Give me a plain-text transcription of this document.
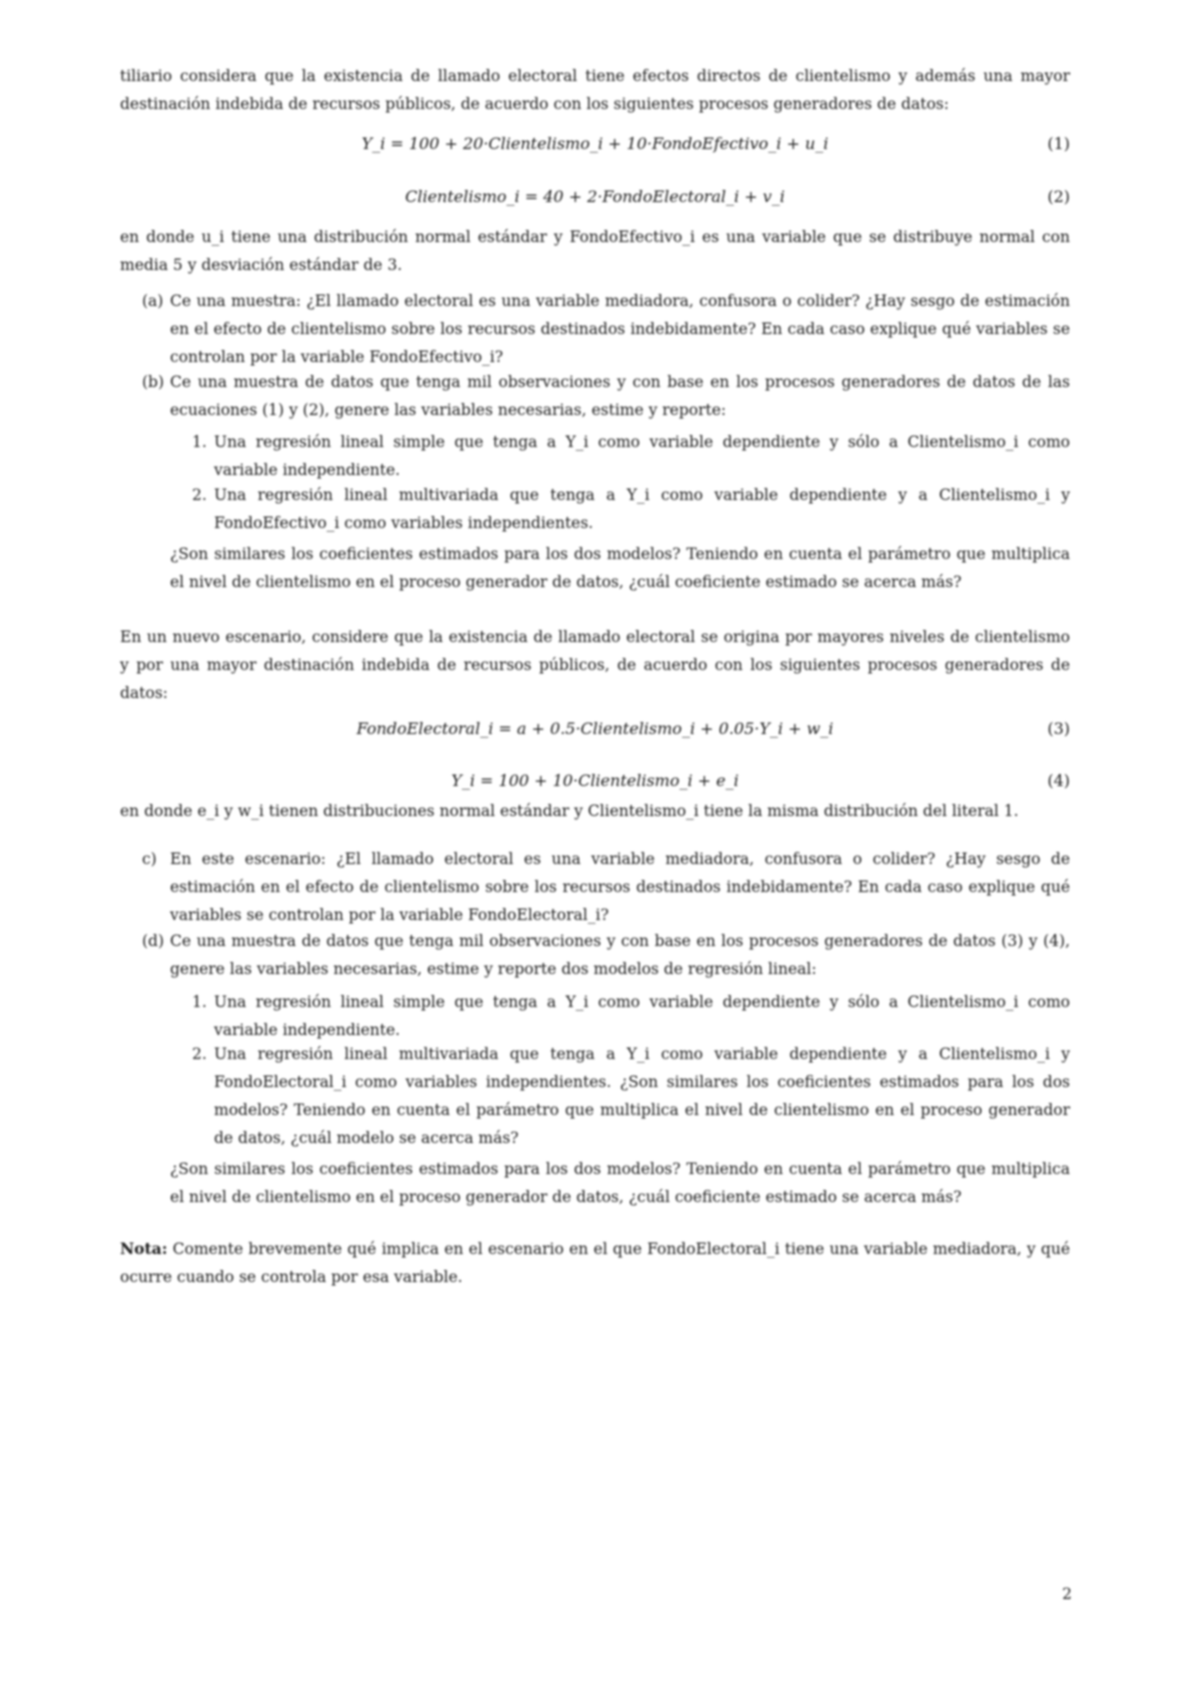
tiliario considera que la existencia de llamado electoral tiene efectos directos de clientelismo y además una mayor destinación indebida de recursos públicos, de acuerdo con los siguientes procesos generadores de datos:
Y_i = 100 + 20·Clientelismo_i + 10·FondoEfectivo_i + u_i	(1)
Clientelismo_i = 40 + 2·FondoElectoral_i + v_i	(2)
en donde u_i tiene una distribución normal estándar y FondoEfectivo_i es una variable que se distribuye normal con media 5 y desviación estándar de 3.
(a) Ce una muestra: ¿El llamado electoral es una variable mediadora, confusora o colider? ¿Hay sesgo de estimación en el efecto de clientelismo sobre los recursos destinados indebidamente? En cada caso explique qué variables se controlan por la variable FondoEfectivo_i?
(b) Ce una muestra de datos que tenga mil observaciones y con base en los procesos generadores de datos de las ecuaciones (1) y (2), genere las variables necesarias, estime y reporte:
1. Una regresión lineal simple que tenga a Y_i como variable dependiente y sólo a Clientelismo_i como variable independiente.
2. Una regresión lineal multivariada que tenga a Y_i como variable dependiente y a Clientelismo_i y FondoEfectivo_i como variables independientes.
¿Son similares los coeficientes estimados para los dos modelos? Teniendo en cuenta el parámetro que multiplica el nivel de clientelismo en el proceso generador de datos, ¿cuál coeficiente estimado se acerca más?
En un nuevo escenario, considere que la existencia de llamado electoral se origina por mayores niveles de clientelismo y por una mayor destinación indebida de recursos públicos, de acuerdo con los siguientes procesos generadores de datos:
FondoElectoral_i = a + 0.5·Clientelismo_i + 0.05·Y_i + w_i	(3)
Y_i = 100 + 10·Clientelismo_i + e_i	(4)
en donde e_i y w_i tienen distribuciones normal estándar y Clientelismo_i tiene la misma distribución del literal 1.
c) En este escenario: ¿El llamado electoral es una variable mediadora, confusora o colider? ¿Hay sesgo de estimación en el efecto de clientelismo sobre los recursos destinados indebidamente? En cada caso explique qué variables se controlan por la variable FondoElectoral_i?
(d) Ce una muestra de datos que tenga mil observaciones y con base en los procesos generadores de datos (3) y (4), genere las variables necesarias, estime y reporte dos modelos de regresión lineal:
1. Una regresión lineal simple que tenga a Y_i como variable dependiente y sólo a Clientelismo_i como variable independiente.
2. Una regresión lineal multivariada que tenga a Y_i como variable dependiente y a Clientelismo_i y FondoElectoral_i como variables independientes. ¿Son similares los coeficientes estimados para los dos modelos? Teniendo en cuenta el parámetro que multiplica el nivel de clientelismo en el proceso generador de datos, ¿cuál modelo se acerca más?
¿Son similares los coeficientes estimados para los dos modelos? Teniendo en cuenta el parámetro que multiplica el nivel de clientelismo en el proceso generador de datos, ¿cuál coeficiente estimado se acerca más?
Nota: Comente brevemente qué implica en el escenario en el que FondoElectoral_i tiene una variable mediadora, y qué ocurre cuando se controla por esa variable.
2
